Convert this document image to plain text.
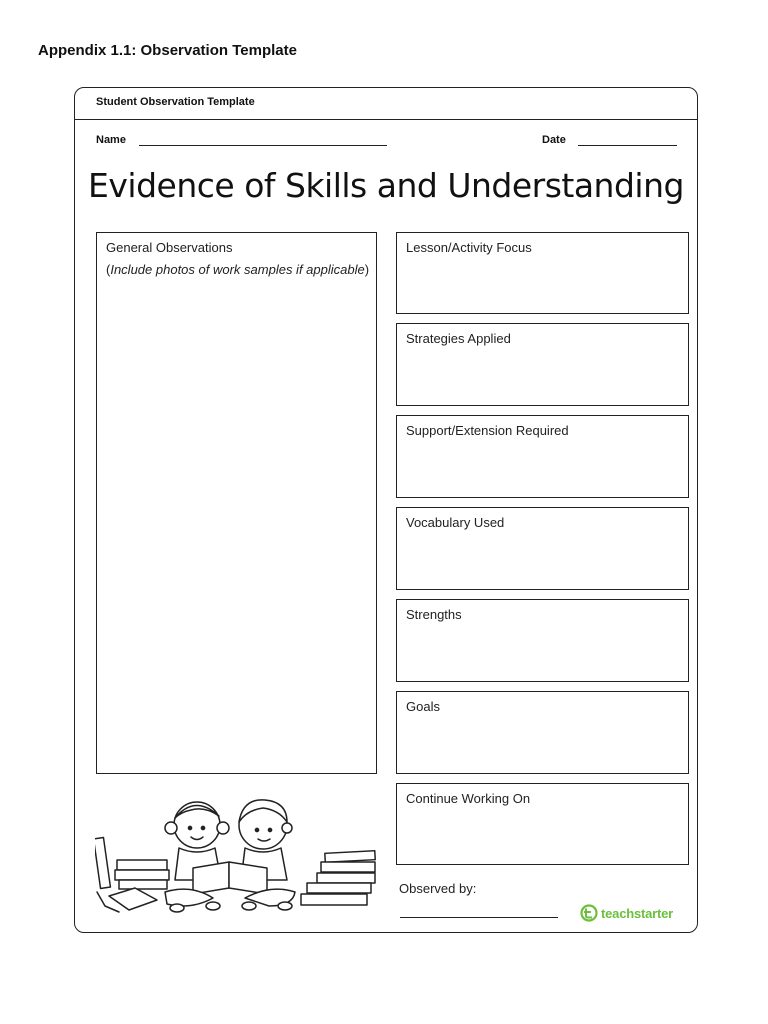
Appendix 1.1: Observation Template
Student Observation Template
Name	Date
Evidence of Skills and Understanding
General Observations
(Include photos of work samples if applicable)
Lesson/Activity Focus
Strategies Applied
Support/Extension Required
Vocabulary Used
Strengths
Goals
Continue Working On
Observed by:
teachstarter
